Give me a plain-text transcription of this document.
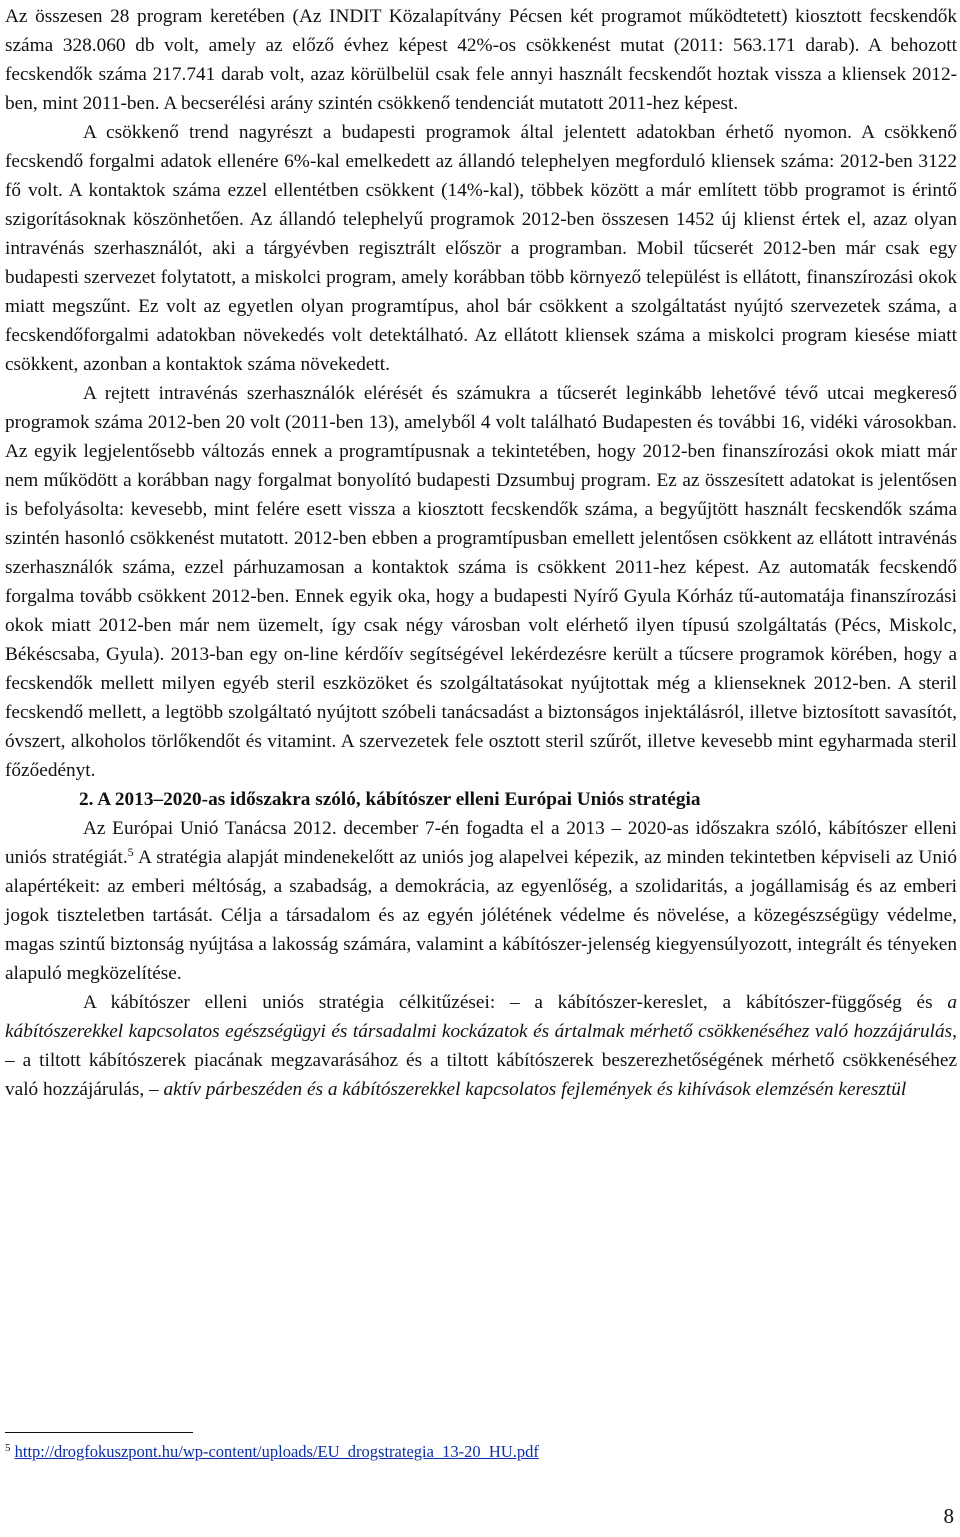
Az összesen 28 program keretében (Az INDIT Közalapítvány Pécsen két programot működtetett) kiosztott fecskendők száma 328.060 db volt, amely az előző évhez képest 42%-os csökkenést mutat (2011: 563.171 darab). A behozott fecskendők száma 217.741 darab volt, azaz körülbelül csak fele annyi használt fecskendőt hoztak vissza a kliensek 2012-ben, mint 2011-ben. A becserélési arány szintén csökkenő tendenciát mutatott 2011-hez képest.

A csökkenő trend nagyrészt a budapesti programok által jelentett adatokban érhető nyomon. A csökkenő fecskendő forgalmi adatok ellenére 6%-kal emelkedett az állandó telephelyen megforduló kliensek száma: 2012-ben 3122 fő volt. A kontaktok száma ezzel ellentétben csökkent (14%-kal), többek között a már említett több programot is érintő szigorításoknak köszönhetően. Az állandó telephelyű programok 2012-ben összesen 1452 új klienst értek el, azaz olyan intravénás szerhasználót, aki a tárgyévben regisztrált először a programban. Mobil tűcserét 2012-ben már csak egy budapesti szervezet folytatott, a miskolci program, amely korábban több környező települést is ellátott, finanszírozási okok miatt megszűnt. Ez volt az egyetlen olyan programtípus, ahol bár csökkent a szolgáltatást nyújtó szervezetek száma, a fecskendőforgalmi adatokban növekedés volt detektálható. Az ellátott kliensek száma a miskolci program kiesése miatt csökkent, azonban a kontaktok száma növekedett.

A rejtett intravénás szerhasználók elérését és számukra a tűcserét leginkább lehetővé tévő utcai megkereső programok száma 2012-ben 20 volt (2011-ben 13), amelyből 4 volt található Budapesten és további 16, vidéki városokban. Az egyik legjelentősebb változás ennek a programtípusnak a tekintetében, hogy 2012-ben finanszírozási okok miatt már nem működött a korábban nagy forgalmat bonyolító budapesti Dzsumbuj program. Ez az összesített adatokat is jelentősen is befolyásolta: kevesebb, mint felére esett vissza a kiosztott fecskendők száma, a begyűjtött használt fecskendők száma szintén hasonló csökkenést mutatott. 2012-ben ebben a programtípusban emellett jelentősen csökkent az ellátott intravénás szerhasználók száma, ezzel párhuzamosan a kontaktok száma is csökkent 2011-hez képest. Az automaták fecskendő forgalma tovább csökkent 2012-ben. Ennek egyik oka, hogy a budapesti Nyírő Gyula Kórház tű-automatája finanszírozási okok miatt 2012-ben már nem üzemelt, így csak négy városban volt elérhető ilyen típusú szolgáltatás (Pécs, Miskolc, Békéscsaba, Gyula). 2013-ban egy on-line kérdőív segítségével lekérdezésre került a tűcsere programok körében, hogy a fecskendők mellett milyen egyéb steril eszközöket és szolgáltatásokat nyújtottak még a klienseknek 2012-ben. A steril fecskendő mellett, a legtöbb szolgáltató nyújtott szóbeli tanácsadást a biztonságos injektálásról, illetve biztosított savasítót, óvszert, alkoholos törlőkendőt és vitamint. A szervezetek fele osztott steril szűrőt, illetve kevesebb mint egyharmada steril főzőedényt.

2. A 2013–2020-as időszakra szóló, kábítószer elleni Európai Uniós stratégia

Az Európai Unió Tanácsa 2012. december 7-én fogadta el a 2013 – 2020-as időszakra szóló, kábítószer elleni uniós stratégiát.$^5$ A stratégia alapját mindenekelőtt az uniós jog alapelvei képezik, az minden tekintetben képviseli az Unió alapértékeit: az emberi méltóság, a szabadság, a demokrácia, az egyenlőség, a szolidaritás, a jogállamiság és az emberi jogok tiszteletben tartását. Célja a társadalom és az egyén jólétének védelme és növelése, a közegészségügy védelme, magas szintű biztonság nyújtása a lakosság számára, valamint a kábítószer-jelenség kiegyensúlyozott, integrált és tényeken alapuló megközelítése.

A kábítószer elleni uniós stratégia célkitűzései: – a kábítószer-kereslet, a kábítószer-függőség és a kábítószerekkel kapcsolatos egészségügyi és társadalmi kockázatok és ártalmak mérhető csökkenéséhez való hozzájárulás, – a tiltott kábítószerek piacának megzavarásához és a tiltott kábítószerek beszerezhetőségének mérhető csökkenéséhez való hozzájárulás, – aktív párbeszéden és a kábítószerekkel kapcsolatos fejlemények és kihívások elemzésén keresztül

$^5$ http://drogfokuszpont.hu/wp-content/uploads/EU_drogstrategia_13-20_HU.pdf
8
